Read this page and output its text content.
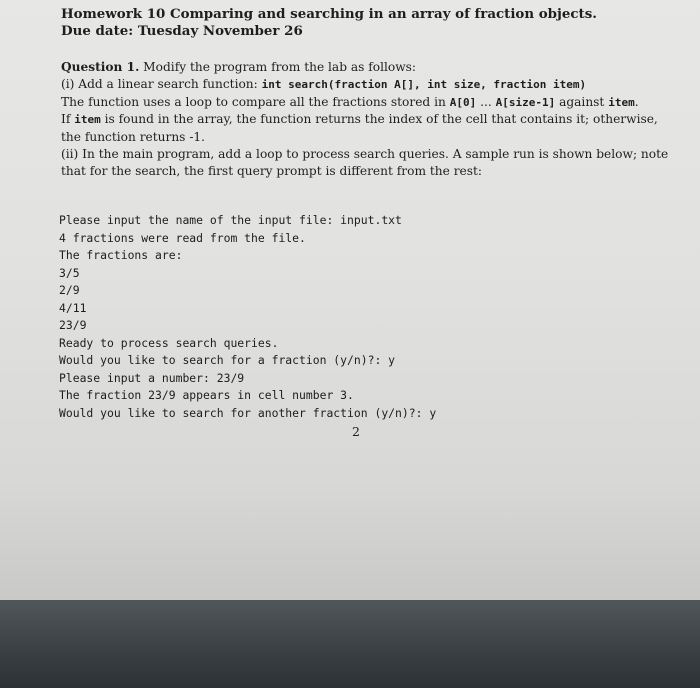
Homework 10 Comparing and searching in an array of fraction objects.
Due date: Tuesday November 26

Question 1. Modify the program from the lab as follows:

(i) Add a linear search function: int search(fraction A[], int size, fraction item)

The function uses a loop to compare all the fractions stored in A[0] ... A[size-1] against item.

If item is found in the array, the function returns the index of the cell that contains it; otherwise,

the function returns -1.

(ii) In the main program, add a loop to process search queries. A sample run is shown below; note

that for the search, the first query prompt is different from the rest:

Please input the name of the input file: input.txt
4 fractions were read from the file.
The fractions are:
3/5
2/9
4/11
23/9
Ready to process search queries.
Would you like to search for a fraction (y/n)?: y
Please input a number: 23/9
The fraction 23/9 appears in cell number 3.
Would you like to search for another fraction (y/n)?: y
2
